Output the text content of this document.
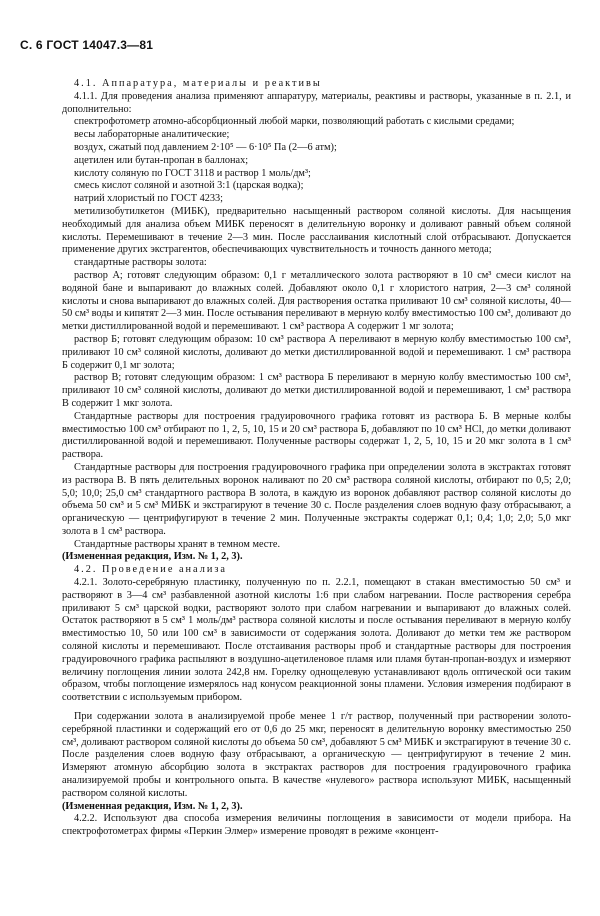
С. 6 ГОСТ 14047.3—81

4.1. Аппаратура, материалы и реактивы

4.1.1. Для проведения анализа применяют аппаратуру, материалы, реактивы и растворы, указанные в п. 2.1, и дополнительно:

спектрофотометр атомно-абсорбционный любой марки, позволяющий работать с кислыми средами;

весы лабораторные аналитические;

воздух, сжатый под давлением 2·10⁵ — 6·10⁵ Па (2—6 атм);

ацетилен или бутан-пропан в баллонах;

кислоту соляную по ГОСТ 3118 и раствор 1 моль/дм³;

смесь кислот соляной и азотной 3:1 (царская водка);

натрий хлористый по ГОСТ 4233;

метилизобутилкетон (МИБК), предварительно насыщенный раствором соляной кислоты. Для насыщения необходимый для анализа объем МИБК переносят в делительную воронку и доливают равный объем соляной кислоты. Перемешивают в течение 2—3 мин. После расслаивания кислотный слой отбрасывают. Допускается применение других экстрагентов, обеспечивающих чувствительность и точность данного метода;

стандартные растворы золота:

раствор А; готовят следующим образом: 0,1 г металлического золота растворяют в 10 см³ смеси кислот на водяной бане и выпаривают до влажных солей. Добавляют около 0,1 г хлористого натрия, 2—3 см³ соляной кислоты и снова выпаривают до влажных солей. Для растворения остатка приливают 10 см³ соляной кислоты, 40—50 см³ воды и кипятят 2—3 мин. После остывания переливают в мерную колбу вместимостью 100 см³, доливают до метки дистиллированной водой и перемешивают. 1 см³ раствора А содержит 1 мг золота;

раствор Б; готовят следующим образом: 10 см³ раствора А переливают в мерную колбу вместимостью 100 см³, приливают 10 см³ соляной кислоты, доливают до метки дистиллированной водой и перемешивают. 1 см³ раствора Б содержит 0,1 мг золота;

раствор В; готовят следующим образом: 1 см³ раствора Б переливают в мерную колбу вместимостью 100 см³, приливают 10 см³ соляной кислоты, доливают до метки дистиллированной водой и перемешивают, 1 см³ раствора В содержит 1 мкг золота.

Стандартные растворы для построения градуировочного графика готовят из раствора Б. В мерные колбы вместимостью 100 см³ отбирают по 1, 2, 5, 10, 15 и 20 см³ раствора Б, добавляют по 10 см³ HCl, до метки доливают дистиллированной водой и перемешивают. Полученные растворы содержат 1, 2, 5, 10, 15 и 20 мкг золота в 1 см³ раствора.

Стандартные растворы для построения градуировочного графика при определении золота в экстрактах готовят из раствора В. В пять делительных воронок наливают по 20 см³ раствора соляной кислоты, отбирают по 0,5; 2,0; 5,0; 10,0; 25,0 см³ стандартного раствора В золота, в каждую из воронок добавляют раствор соляной кислоты до объема 50 см³ и 5 см³ МИБК и экстрагируют в течение 30 с. После разделения слоев водную фазу отбрасывают, а органическую — центрифугируют в течение 2 мин. Полученные экстракты содержат 0,1; 0,4; 1,0; 2,0; 5,0 мкг золота в 1 см³ раствора.

Стандартные растворы хранят в темном месте.

(Измененная редакция, Изм. № 1, 2, 3).

4.2. Проведение анализа

4.2.1. Золото-серебряную пластинку, полученную по п. 2.2.1, помещают в стакан вместимостью 50 см³ и растворяют в 3—4 см³ разбавленной азотной кислоты 1:6 при слабом нагревании. После растворения серебра приливают 5 см³ царской водки, растворяют золото при слабом нагревании и выпаривают до влажных солей. Остаток растворяют в 5 см³ 1 моль/дм³ раствора соляной кислоты и после остывания переливают в мерную колбу вместимостью 10, 50 или 100 см³ в зависимости от содержания золота. Доливают до метки тем же раствором соляной кислоты и перемешивают. После отстаивания растворы проб и стандартные растворы для построения градуировочного графика распыляют в воздушно-ацетиленовое пламя или пламя бутан-пропан-воздух и измеряют величину поглощения линии золота 242,8 нм. Горелку однощелевую устанавливают вдоль оптической оси таким образом, чтобы поглощение измерялось над конусом реакционной зоны пламени. Условия измерения подбирают в соответствии с используемым прибором.

При содержании золота в анализируемой пробе менее 1 г/т раствор, полученный при растворении золото-серебряной пластинки и содержащий его от 0,6 до 25 мкг, переносят в делительную воронку вместимостью 250 см³, доливают раствором соляной кислоты до объема 50 см³, добавляют 5 см³ МИБК и экстрагируют в течение 30 с. После разделения слоев водную фазу отбрасывают, а органическую — центрифугируют в течение 2 мин. Измеряют атомную абсорбцию золота в экстрактах растворов для построения градуировочного графика анализируемой пробы и контрольного опыта. В качестве «нулевого» раствора используют МИБК, насыщенный раствором соляной кислоты.

(Измененная редакция, Изм. № 1, 2, 3).

4.2.2. Используют два способа измерения величины поглощения в зависимости от модели прибора. На спектрофотометрах фирмы «Перкин Элмер» измерение проводят в режиме «концент-
